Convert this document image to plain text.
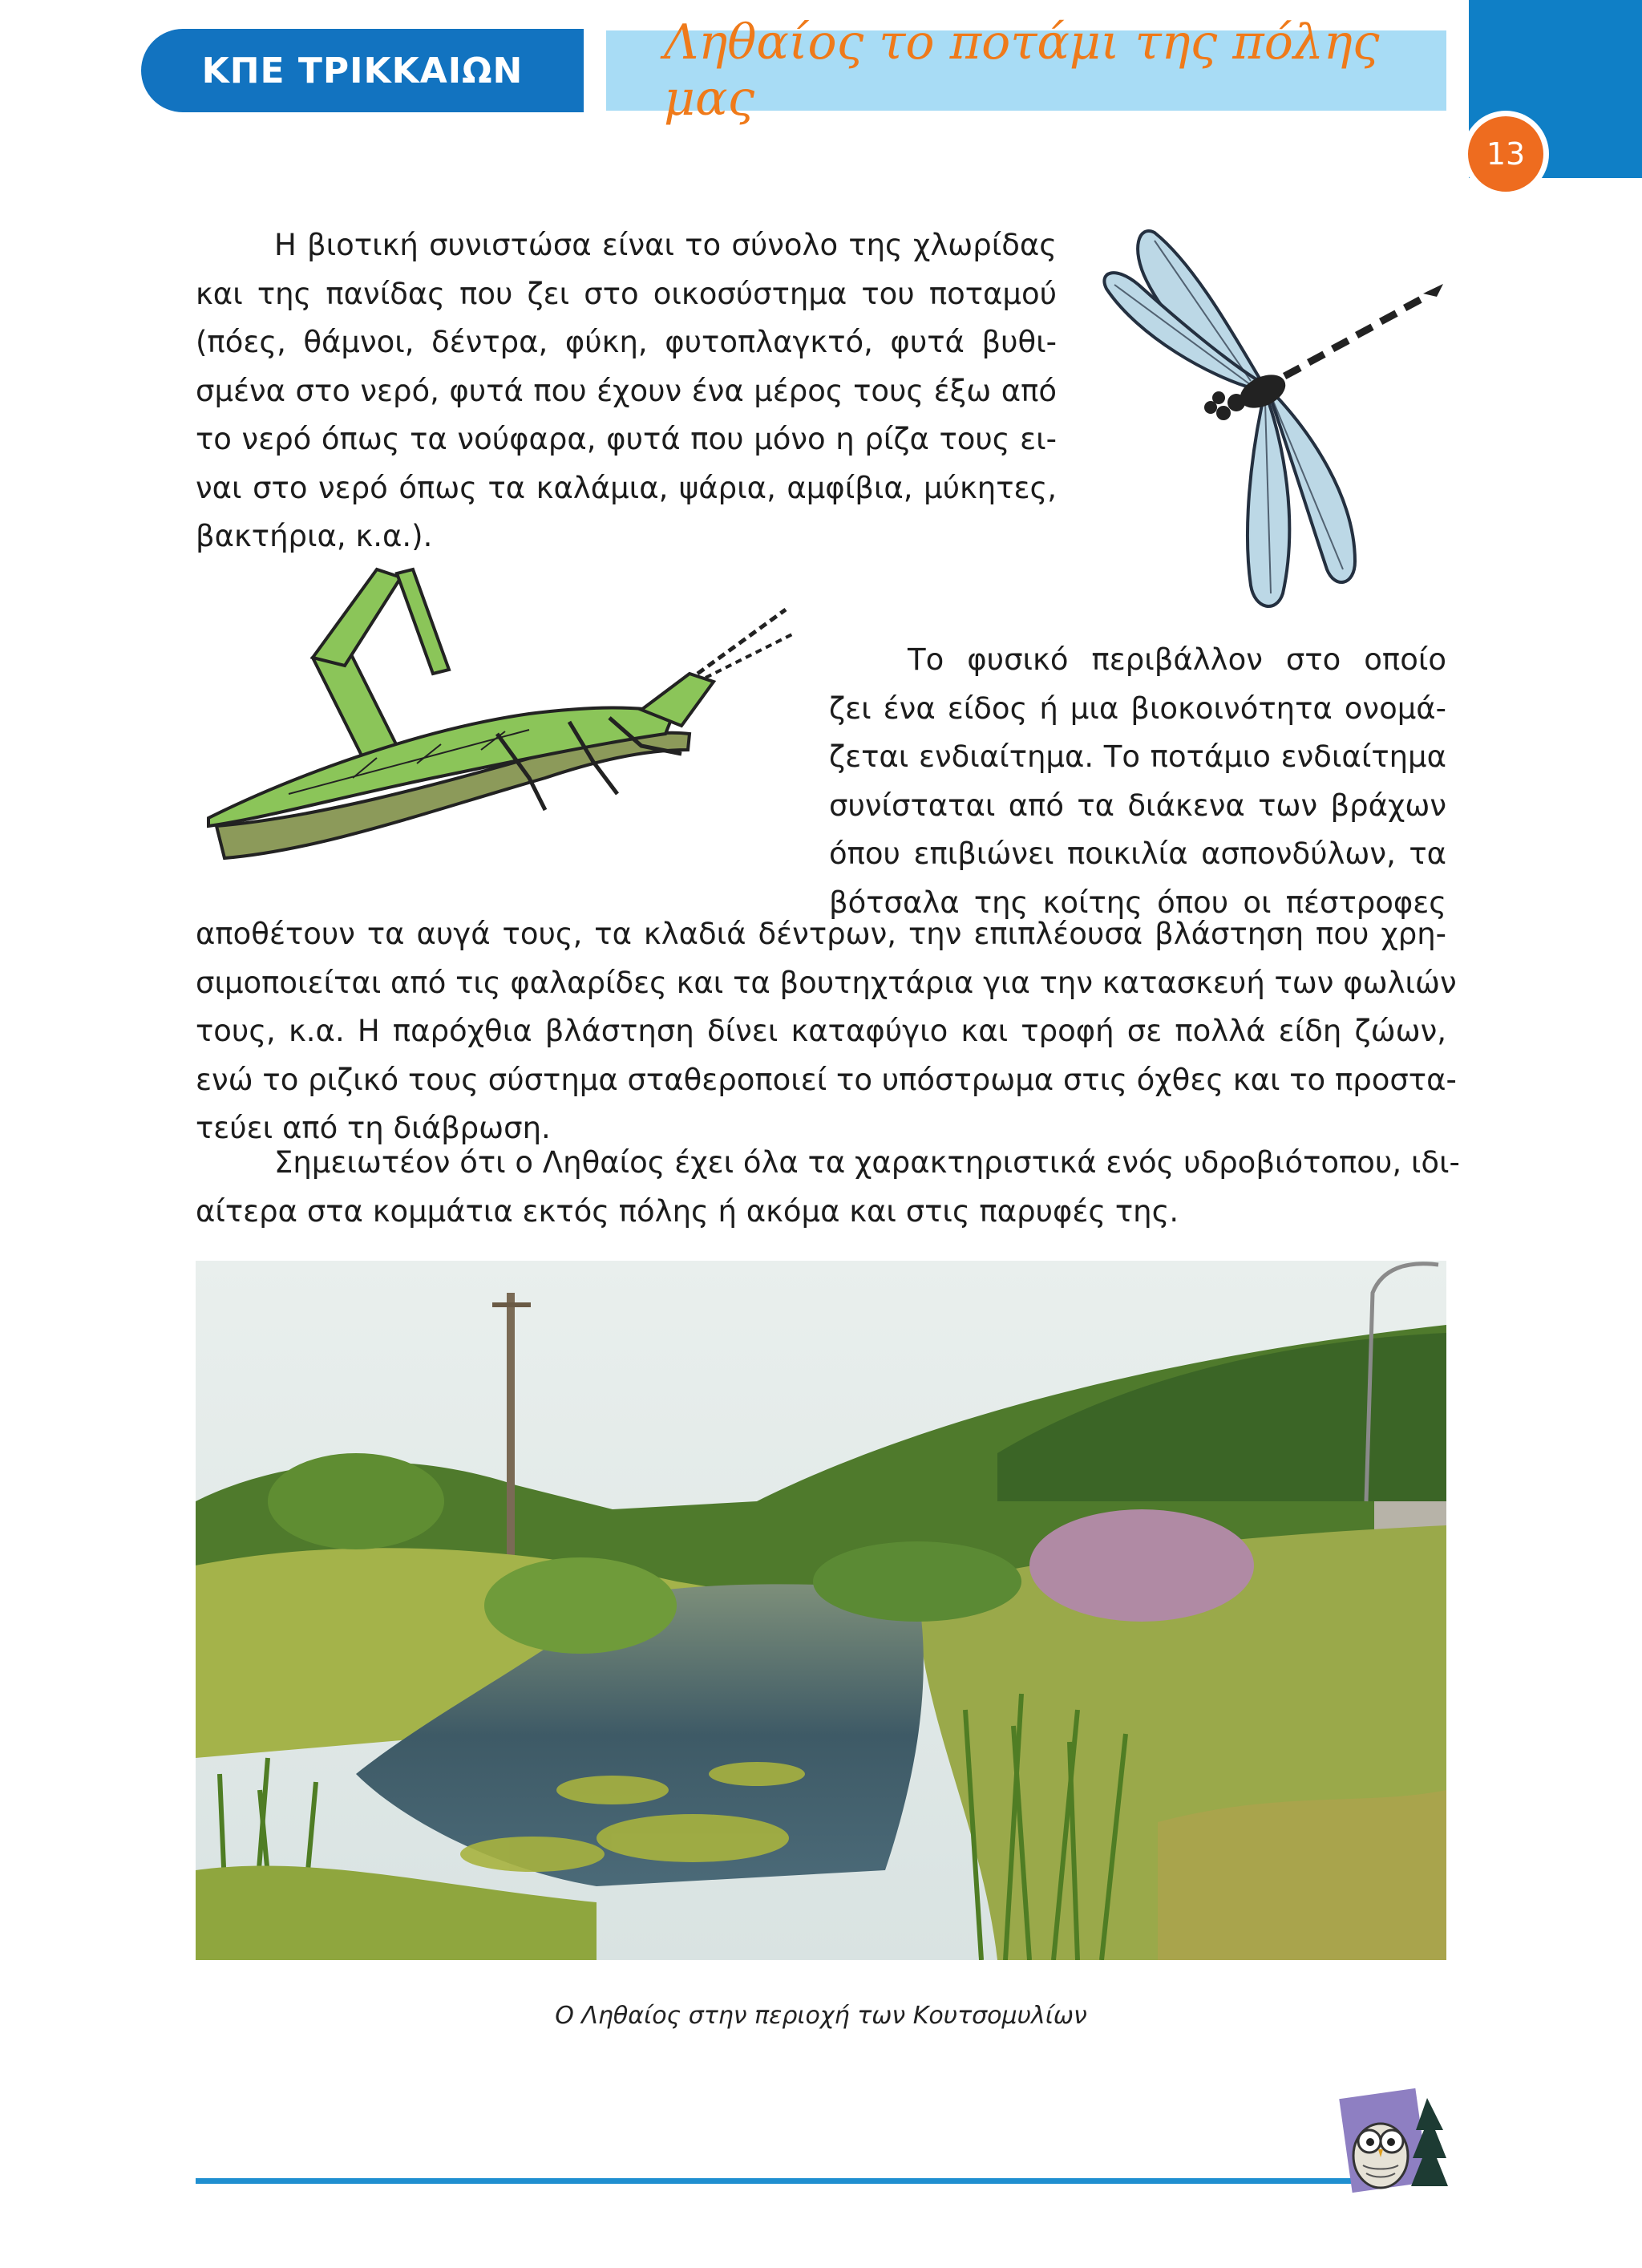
ΚΠΕ ΤΡΙΚΚΑΙΩΝ	Ληθαίος το ποτάμι της πόλης μας
13
Η βιοτική συνιστώσα είναι το σύνολο της χλωρίδας
και της πανίδας που ζει στο οικοσύστημα του ποταμού
(πόες, θάμνοι, δέντρα, φύκη, φυτοπλαγκτό, φυτά βυθι-
σμένα στο νερό, φυτά που έχουν ένα μέρος τους έξω από
το νερό όπως τα νούφαρα, φυτά που μόνο η ρίζα τους ει-
ναι στο νερό όπως τα καλάμια, ψάρια, αμφίβια, μύκητες,
βακτήρια, κ.α.).
Το φυσικό περιβάλλον στο οποίο
ζει ένα είδος ή μια βιοκοινότητα ονομά-
ζεται ενδιαίτημα. Το ποτάμιο ενδιαίτημα
συνίσταται από τα διάκενα των βράχων
όπου επιβιώνει ποικιλία ασπονδύλων, τα
βότσαλα της κοίτης όπου οι πέστροφες
αποθέτουν τα αυγά τους, τα κλαδιά δέντρων, την επιπλέουσα βλάστηση που χρη-
σιμοποιείται από τις φαλαρίδες και τα βουτηχτάρια για την κατασκευή των φωλιών
τους, κ.α. Η παρόχθια βλάστηση δίνει καταφύγιο και τροφή σε πολλά είδη ζώων,
ενώ το ριζικό τους σύστημα σταθεροποιεί το υπόστρωμα στις όχθες και το προστα-
τεύει από τη διάβρωση.
Σημειωτέον ότι ο Ληθαίος έχει όλα τα χαρακτηριστικά ενός υδροβιότοπου, ιδι-
αίτερα στα κομμάτια εκτός πόλης ή ακόμα και στις παρυφές της.
Ο Ληθαίος στην περιοχή των Κουτσομυλίων
